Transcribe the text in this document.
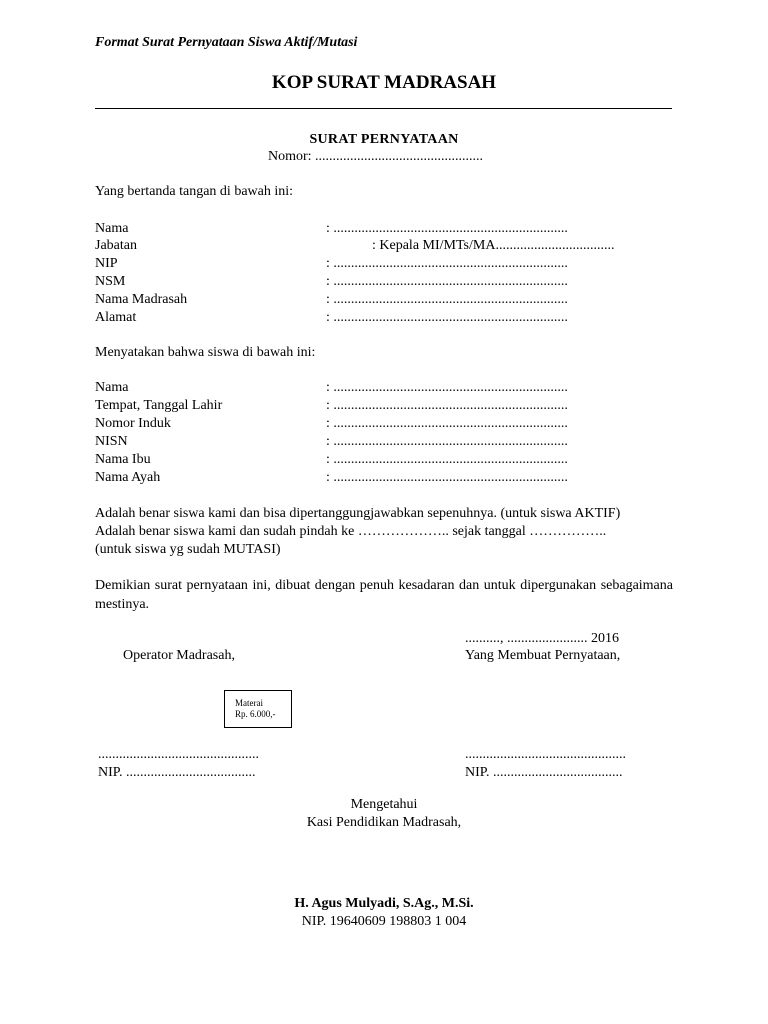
Format Surat Pernyataan Siswa Aktif/Mutasi
KOP SURAT MADRASAH
SURAT PERNYATAAN
Nomor: ................................................
Yang bertanda tangan di bawah ini:
Nama	: ...................................................................
Jabatan	: Kepala MI/MTs/MA..................................
NIP	: ...................................................................
NSM	: ...................................................................
Nama Madrasah	: ...................................................................
Alamat	: ...................................................................
Menyatakan bahwa siswa di bawah ini:
Nama	: ...................................................................
Tempat, Tanggal Lahir	: ...................................................................
Nomor Induk	: ...................................................................
NISN	: ...................................................................
Nama Ibu	: ...................................................................
Nama Ayah	: ...................................................................
Adalah benar siswa kami dan bisa dipertanggungjawabkan sepenuhnya. (untuk siswa AKTIF)
Adalah benar siswa kami dan sudah pindah ke ……………….. sejak tanggal ……………..
(untuk siswa yg sudah MUTASI)
Demikian surat pernyataan ini, dibuat dengan penuh kesadaran dan untuk dipergunakan sebagaimana mestinya.
.........., ....................... 2016
Operator Madrasah,	Yang Membuat Pernyataan,
Materai
Rp. 6.000,-
..............................................
NIP. .....................................
..............................................
NIP. .....................................
Mengetahui
Kasi Pendidikan Madrasah,
H. Agus Mulyadi, S.Ag., M.Si.
NIP. 19640609 198803 1 004
